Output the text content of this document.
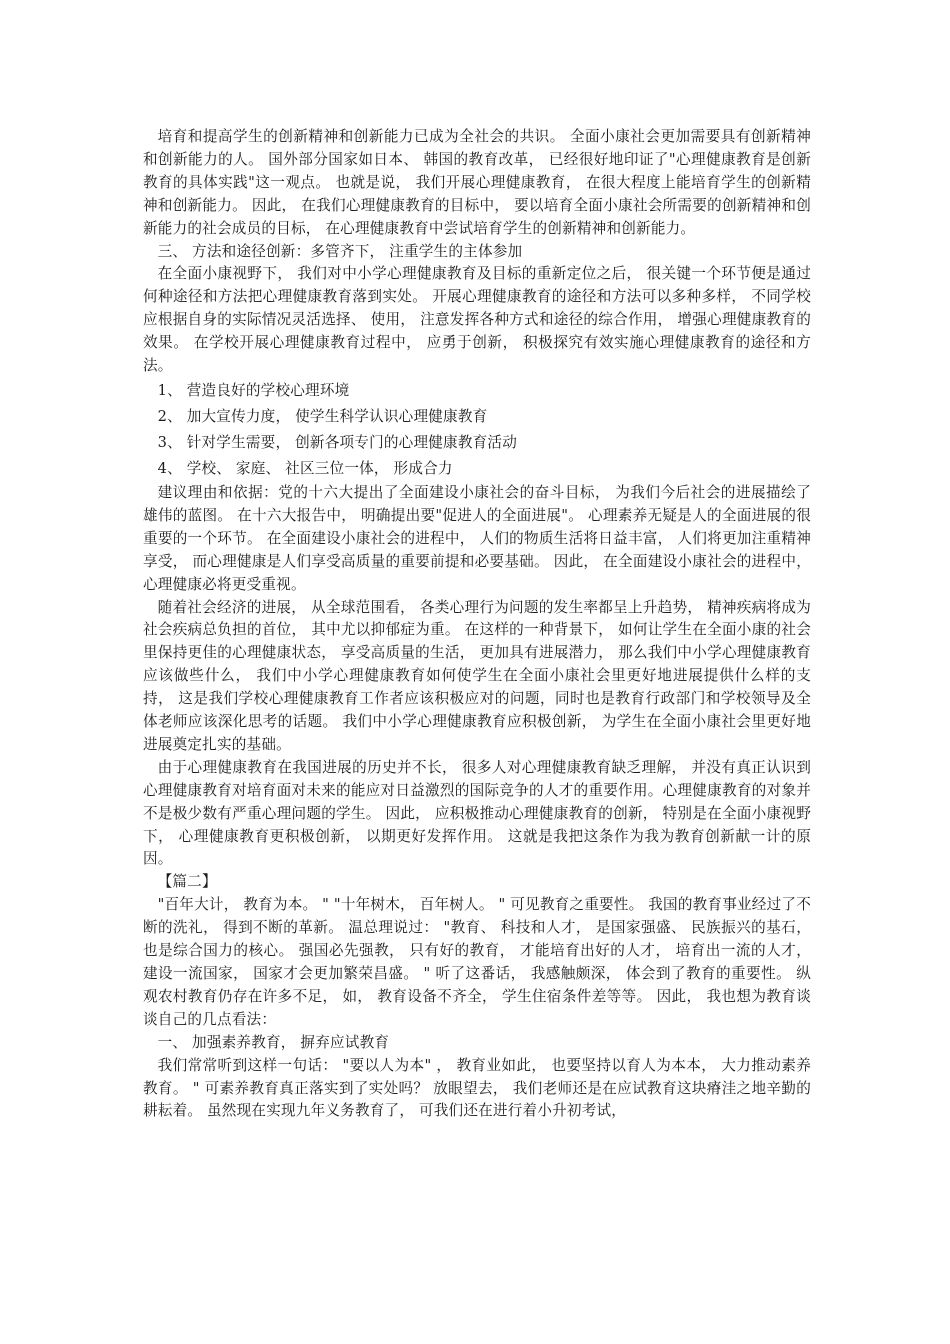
培育和提高学生的创新精神和创新能力已成为全社会的共识。 全面小康社会更加需要具有创新精神和创新能力的人。 国外部分国家如日本、 韩国的教育改革， 已经很好地印证了"心理健康教育是创新教育的具体实践"这一观点。 也就是说， 我们开展心理健康教育， 在很大程度上能培育学生的创新精神和创新能力。 因此， 在我们心理健康教育的目标中， 要以培育全面小康社会所需要的创新精神和创新能力的社会成员的目标， 在心理健康教育中尝试培育学生的创新精神和创新能力。

三、 方法和途径创新：多管齐下， 注重学生的主体参加

在全面小康视野下， 我们对中小学心理健康教育及目标的重新定位之后， 很关键一个环节便是通过何种途径和方法把心理健康教育落到实处。 开展心理健康教育的途径和方法可以多种多样， 不同学校应根据自身的实际情况灵活选择、 使用， 注意发挥各种方式和途径的综合作用， 增强心理健康教育的效果。 在学校开展心理健康教育过程中， 应勇于创新， 积极探究有效实施心理健康教育的途径和方法。

1、 营造良好的学校心理环境

2、 加大宣传力度， 使学生科学认识心理健康教育

3、 针对学生需要， 创新各项专门的心理健康教育活动

4、 学校、 家庭、 社区三位一体， 形成合力

建议理由和依据：党的十六大提出了全面建设小康社会的奋斗目标， 为我们今后社会的进展描绘了雄伟的蓝图。 在十六大报告中， 明确提出要"促进人的全面进展"。 心理素养无疑是人的全面进展的很重要的一个环节。 在全面建设小康社会的进程中， 人们的物质生活将日益丰富， 人们将更加注重精神享受， 而心理健康是人们享受高质量的重要前提和必要基础。 因此， 在全面建设小康社会的进程中， 心理健康必将更受重视。

随着社会经济的进展， 从全球范围看， 各类心理行为问题的发生率都呈上升趋势， 精神疾病将成为社会疾病总负担的首位， 其中尤以抑郁症为重。 在这样的一种背景下， 如何让学生在全面小康的社会里保持更佳的心理健康状态， 享受高质量的生活， 更加具有进展潜力， 那么我们中小学心理健康教育应该做些什么， 我们中小学心理健康教育如何使学生在全面小康社会里更好地进展提供什么样的支持， 这是我们学校心理健康教育工作者应该积极应对的问题，同时也是教育行政部门和学校领导及全体老师应该深化思考的话题。 我们中小学心理健康教育应积极创新， 为学生在全面小康社会里更好地进展奠定扎实的基础。

由于心理健康教育在我国进展的历史并不长， 很多人对心理健康教育缺乏理解， 并没有真正认识到心理健康教育对培育面对未来的能应对日益激烈的国际竞争的人才的重要作用。心理健康教育的对象并不是极少数有严重心理问题的学生。 因此， 应积极推动心理健康教育的创新， 特别是在全面小康视野下， 心理健康教育更积极创新， 以期更好发挥作用。 这就是我把这条作为我为教育创新献一计的原因。

【篇二】

"百年大计， 教育为本。 " "十年树木， 百年树人。 " 可见教育之重要性。 我国的教育事业经过了不断的洗礼， 得到不断的革新。 温总理说过： "教育、 科技和人才， 是国家强盛、 民族振兴的基石， 也是综合国力的核心。 强国必先强教， 只有好的教育， 才能培育出好的人才， 培育出一流的人才， 建设一流国家， 国家才会更加繁荣昌盛。 " 听了这番话， 我感触颇深， 体会到了教育的重要性。 纵观农村教育仍存在许多不足， 如， 教育设备不齐全， 学生住宿条件差等等。 因此， 我也想为教育谈谈自己的几点看法：

一、 加强素养教育， 摒弃应试教育

我们常常听到这样一句话： "要以人为本" ， 教育业如此， 也要坚持以育人为本本， 大力推动素养教育。 " 可素养教育真正落实到了实处吗？ 放眼望去， 我们老师还是在应试教育这块瘠洼之地辛勤的耕耘着。 虽然现在实现九年义务教育了， 可我们还在进行着小升初考试，
